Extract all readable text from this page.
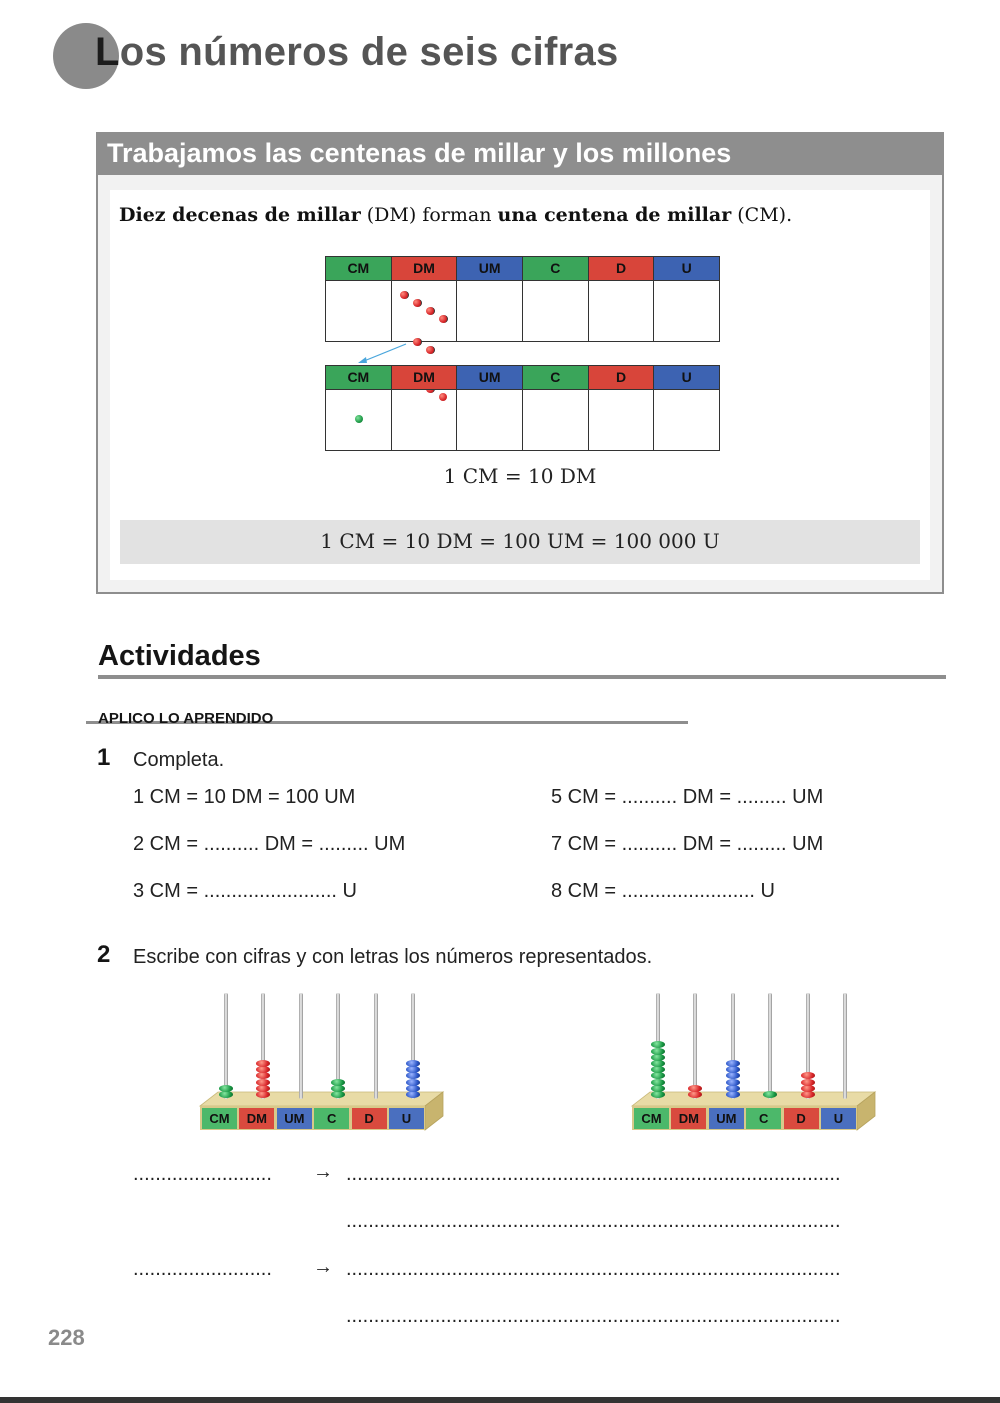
Los números de seis cifras
Trabajamos las centenas de millar y los millones
Diez decenas de millar (DM) forman una centena de millar (CM).
CM	DM	UM	C	D	U
CM	DM	UM	C	D	U
1 CM = 10 DM
1 CM = 10 DM = 100 UM = 100 000 U
Actividades
APLICO LO APRENDIDO
1 Completa.
1 CM = 10 DM = 100 UM
2 CM = .......... DM = ......... UM
3 CM = ........................ U
5 CM = .......... DM = ......... UM
7 CM = .......... DM = ......... UM
8 CM = ........................ U
2 Escribe con cifras y con letras los números representados.
CM	DM	UM	C	D	U	CM	DM	UM	C	D	U
......................... → .........................................................................................
.........................................................................................
......................... → .........................................................................................
.........................................................................................
228
